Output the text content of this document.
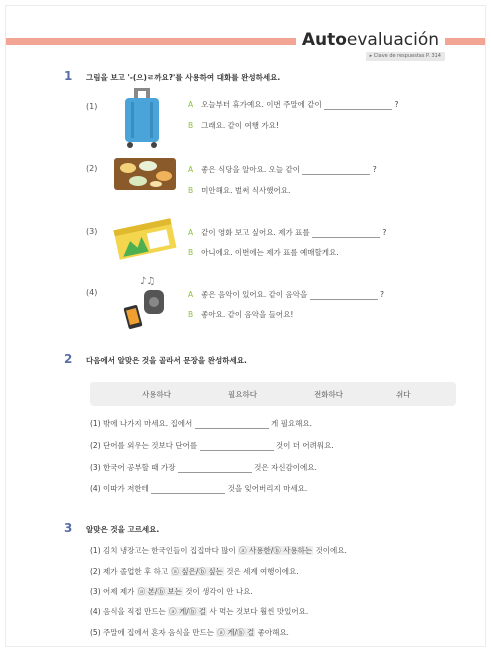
Autoevaluación
▸ Clave de respuestas P. 314
1 그림을 보고 '-(으)ㄹ까요?'를 사용하여 대화를 완성하세요.
(1)	A 오늘부터 휴가예요. 이번 주말에 같이	?
B 그래요. 같이 여행 가요!
(2)	A 좋은 식당을 알아요. 오늘 같이	?
B 미안해요. 벌써 식사했어요.
(3)	A 같이 영화 보고 싶어요. 제가 표를	?
B 아니에요. 이번에는 제가 표를 예매할게요.
(4)
♪♫
A 좋은 음악이 있어요. 같이 음악을	?
B 좋아요. 같이 음악을 들어요!
2 다음에서 알맞은 것을 골라서 문장을 완성하세요.
사용하다	필요하다	전화하다	쉬다
(1) 밖에 나가지 마세요. 집에서	게 필요해요.
(2) 단어를 외우는 것보다 단어를	것이 더 어려워요.
(3) 한국어 공부할 때 가장	것은 자신감이에요.
(4) 이따가 저한테	것을 잊어버리지 마세요.
3 알맞은 것을 고르세요.
(1) 김치 냉장고는 한국인들이 집집마다 많이 ⓐ 사용한/ⓑ 사용하는 것이에요.
(2) 제가 졸업한 후 하고 ⓐ 싶은/ⓑ 싶는 것은 세계 여행이에요.
(3) 어제 제가 ⓐ 본/ⓑ 보는 것이 생각이 안 나요.
(4) 음식을 직접 만드는 ⓐ 게/ⓑ 걸 사 먹는 것보다 훨씬 맛있어요.
(5) 주말에 집에서 혼자 음식을 만드는 ⓐ 게/ⓑ 걸 좋아해요.
